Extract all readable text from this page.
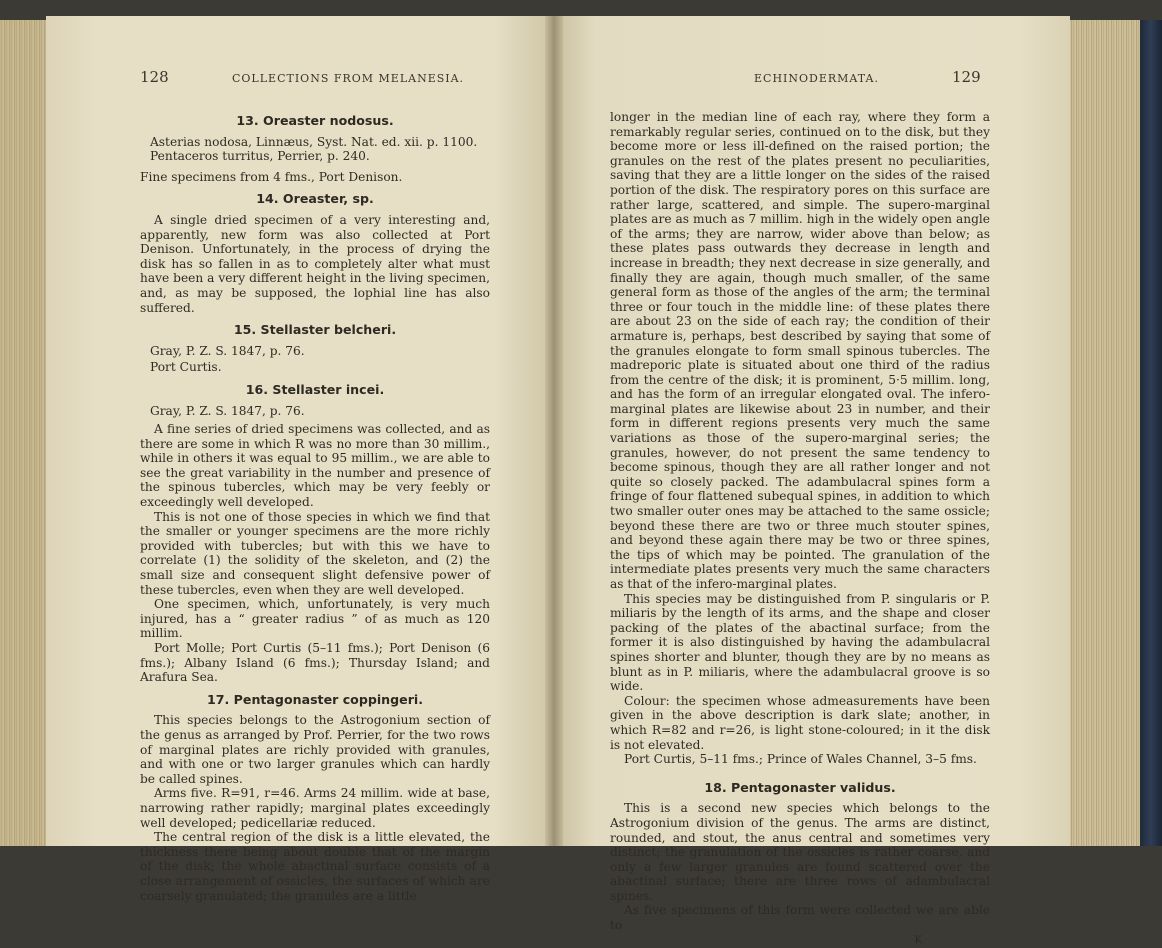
128	COLLECTIONS FROM MELANESIA.	ECHINODERMATA.	129
13. Oreaster nodosus.

Asterias nodosa, Linnæus, Syst. Nat. ed. xii. p. 1100.

Pentaceros turritus, Perrier, p. 240.

Fine specimens from 4 fms., Port Denison.

14. Oreaster, sp.

A single dried specimen of a very interesting and, apparently, new form was also collected at Port Denison. Unfortunately, in the process of drying the disk has so fallen in as to completely alter what must have been a very different height in the living specimen, and, as may be supposed, the lophial line has also suffered.

15. Stellaster belcheri.

Gray, P. Z. S. 1847, p. 76.

Port Curtis.

16. Stellaster incei.

Gray, P. Z. S. 1847, p. 76.

A fine series of dried specimens was collected, and as there are some in which R was no more than 30 millim., while in others it was equal to 95 millim., we are able to see the great variability in the number and presence of the spinous tubercles, which may be very feebly or exceedingly well developed.

This is not one of those species in which we find that the smaller or younger specimens are the more richly provided with tubercles; but with this we have to correlate (1) the solidity of the skeleton, and (2) the small size and consequent slight defensive power of these tubercles, even when they are well developed.

One specimen, which, unfortunately, is very much injured, has a “ greater radius ” of as much as 120 millim.

Port Molle; Port Curtis (5–11 fms.); Port Denison (6 fms.); Albany Island (6 fms.); Thursday Island; and Arafura Sea.

17. Pentagonaster coppingeri.

This species belongs to the Astrogonium section of the genus as arranged by Prof. Perrier, for the two rows of marginal plates are richly provided with granules, and with one or two larger granules which can hardly be called spines.

Arms five. R=91, r=46. Arms 24 millim. wide at base, narrowing rather rapidly; marginal plates exceedingly well developed; pedicellariæ reduced.

The central region of the disk is a little elevated, the thickness there being about double that of the margin of the disk; the whole abactinal surface consists of a close arrangement of ossicles, the surfaces of which are coarsely granulated; the granules are a little

longer in the median line of each ray, where they form a remarkably regular series, continued on to the disk, but they become more or less ill-defined on the raised portion; the granules on the rest of the plates present no peculiarities, saving that they are a little longer on the sides of the raised portion of the disk. The respiratory pores on this surface are rather large, scattered, and simple. The supero-marginal plates are as much as 7 millim. high in the widely open angle of the arms; they are narrow, wider above than below; as these plates pass outwards they decrease in length and increase in breadth; they next decrease in size generally, and finally they are again, though much smaller, of the same general form as those of the angles of the arm; the terminal three or four touch in the middle line: of these plates there are about 23 on the side of each ray; the condition of their armature is, perhaps, best described by saying that some of the granules elongate to form small spinous tubercles. The madreporic plate is situated about one third of the radius from the centre of the disk; it is prominent, 5·5 millim. long, and has the form of an irregular elongated oval. The infero-marginal plates are likewise about 23 in number, and their form in different regions presents very much the same variations as those of the supero-marginal series; the granules, however, do not present the same tendency to become spinous, though they are all rather longer and not quite so closely packed. The adambulacral spines form a fringe of four flattened subequal spines, in addition to which two smaller outer ones may be attached to the same ossicle; beyond these there are two or three much stouter spines, and beyond these again there may be two or three spines, the tips of which may be pointed. The granulation of the intermediate plates presents very much the same characters as that of the infero-marginal plates.

This species may be distinguished from P. singularis or P. miliaris by the length of its arms, and the shape and closer packing of the plates of the abactinal surface; from the former it is also distinguished by having the adambulacral spines shorter and blunter, though they are by no means as blunt as in P. miliaris, where the adambulacral groove is so wide.

Colour: the specimen whose admeasurements have been given in the above description is dark slate; another, in which R=82 and r=26, is light stone-coloured; in it the disk is not elevated.

Port Curtis, 5–11 fms.; Prince of Wales Channel, 3–5 fms.

18. Pentagonaster validus.

This is a second new species which belongs to the Astrogonium division of the genus. The arms are distinct, rounded, and stout, the anus central and sometimes very distinct; the granulation of the ossicles is rather coarse, and only a few larger granules are found scattered over the abactinal surface; there are three rows of adambulacral spines.

As five specimens of this form were collected we are able to

K
